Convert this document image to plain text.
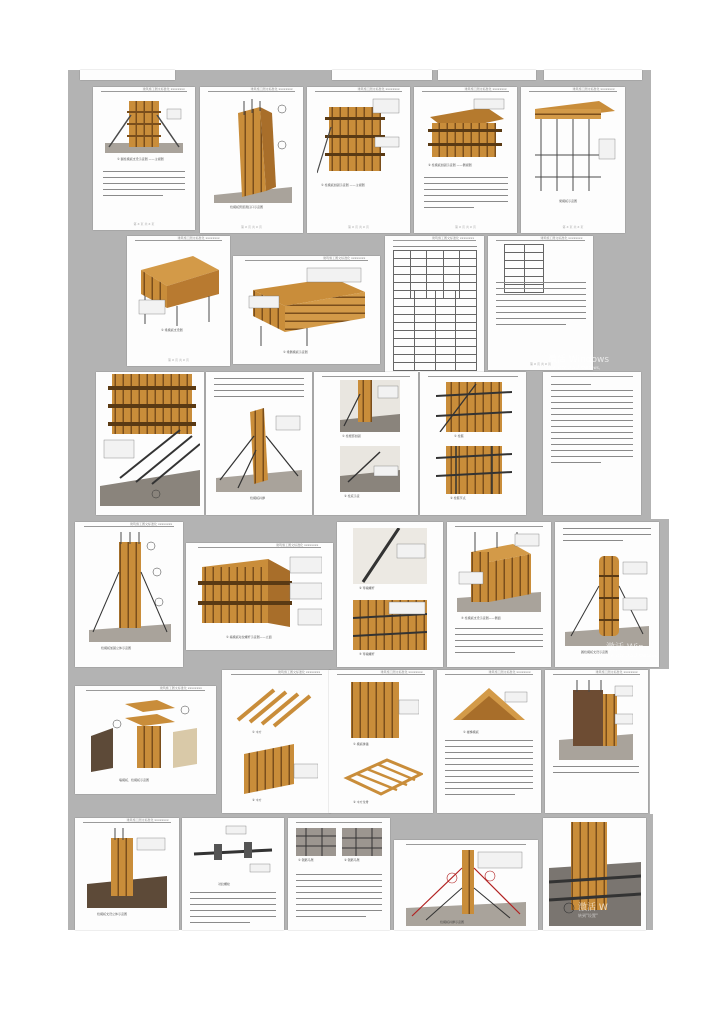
建筑施工图文标准化 xxxxxxxx
① 圆柱模板支设示意图 ——主视图
第 X 页 共 X 页
建筑施工图文标准化 xxxxxxxx
柱模板预留清扫口示意图
第 X 页 共 X 页
建筑施工图文标准化 xxxxxxxx
① 柱模板加固示意图 ——主视图
第 X 页 共 X 页
建筑施工图文标准化 xxxxxxxx
② 柱模板加固示意图 ——侧视图
第 X 页 共 X 页
建筑施工图文标准化 xxxxxxxx
梁模板示意图
第 X 页 共 X 页
建筑施工图文标准化 xxxxxxxx
① 梁模板支设图
第 X 页 共 X 页
建筑施工图文标准化 xxxxxxxx
① 梁侧模板示意图
建筑施工图文标准化 xxxxxxxx

				建筑施工图文标准化 xxxxxxxx

第 X 页 共 X 页
激活 Windows
转到"设置"以激活 Windows。
柱模板斜撑
① 柱根部加固
② 柱底示意
① 柱箍
② 柱箍节点
建筑施工图文标准化 xxxxxxxx
柱模板加固立体示意图
建筑施工图文标准化 xxxxxxxx
① 墙模板对拉螺杆示意图——立面
② 穿墙螺杆
③ 穿墙螺杆
④ 柱模板支设示意图——侧面
圆柱模板支设示意图
激活 Win
转到"设置"以激活 Windows。
建筑施工图文标准化 xxxxxxxx
墙模板、柱模板示意图
建筑施工图文标准化 xxxxxxxx
① 木方
② 木方
建筑施工图文标准化 xxxxxxxx
① 模板拼缝
② 木方龙骨
建筑施工图文标准化 xxxxxxxx
① 楼梯模板
建筑施工图文标准化 xxxxxxxx
建筑施工图文标准化 xxxxxxxx
柱模板支设立体示意图
对拉螺栓
① 钢筋马凳	② 钢筋马凳
柱模板斜撑示意图
激活 W
转到"设置"
